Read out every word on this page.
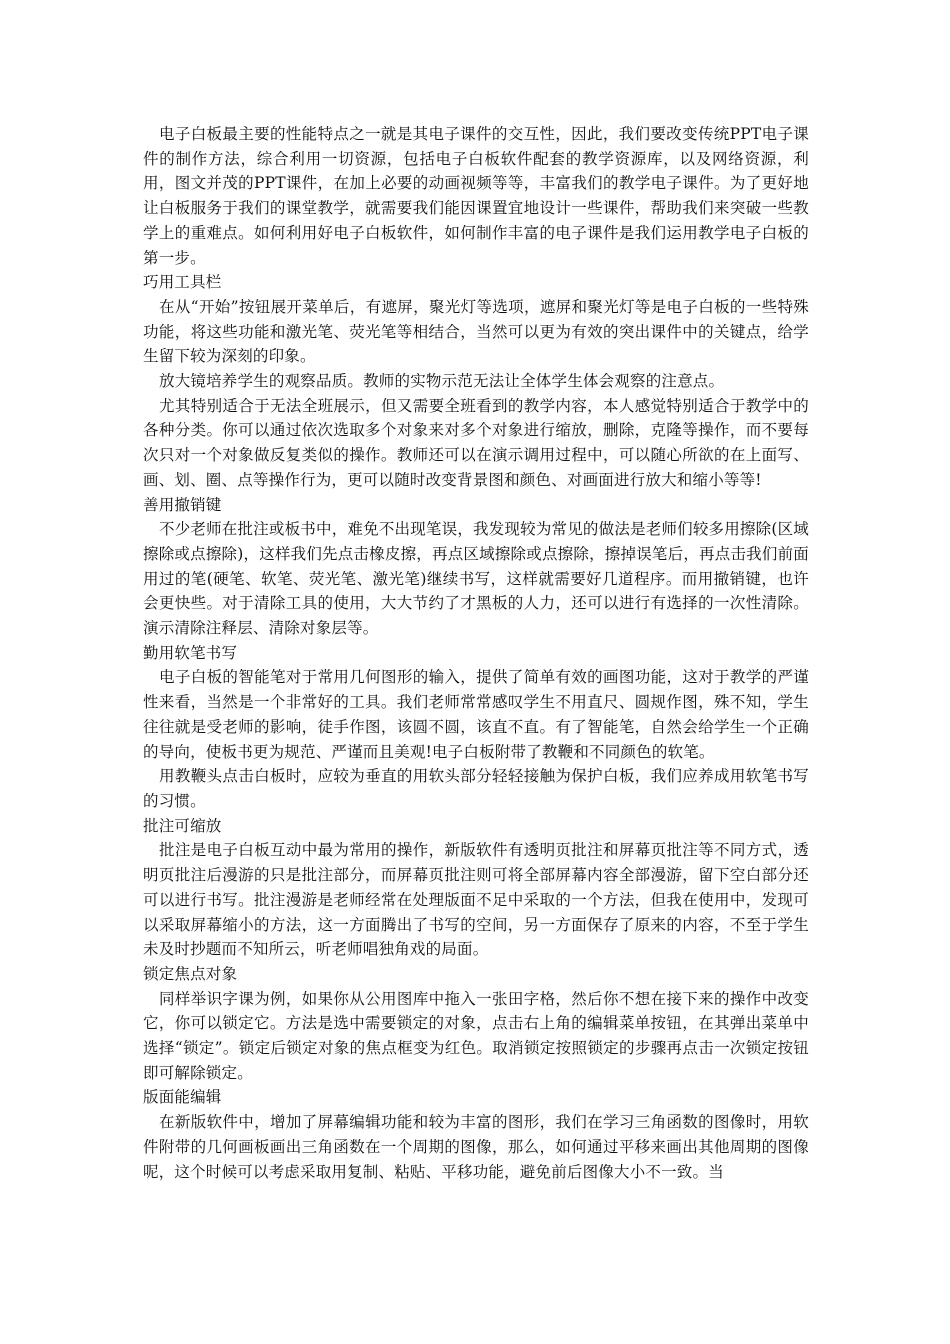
电子白板最主要的性能特点之一就是其电子课件的交互性，因此，我们要改变传统PPT电子课件的制作方法，综合利用一切资源，包括电子白板软件配套的教学资源库，以及网络资源，利用，图文并茂的PPT课件，在加上必要的动画视频等等，丰富我们的教学电子课件。为了更好地让白板服务于我们的课堂教学，就需要我们能因课置宜地设计一些课件，帮助我们来突破一些教学上的重难点。如何利用好电子白板软件，如何制作丰富的电子课件是我们运用教学电子白板的第一步。

巧用工具栏

在从“开始”按钮展开菜单后，有遮屏，聚光灯等选项，遮屏和聚光灯等是电子白板的一些特殊功能，将这些功能和激光笔、荧光笔等相结合，当然可以更为有效的突出课件中的关键点，给学生留下较为深刻的印象。

放大镜培养学生的观察品质。教师的实物示范无法让全体学生体会观察的注意点。

尤其特别适合于无法全班展示，但又需要全班看到的教学内容，本人感觉特别适合于教学中的各种分类。你可以通过依次选取多个对象来对多个对象进行缩放，删除，克隆等操作，而不要每次只对一个对象做反复类似的操作。教师还可以在演示调用过程中，可以随心所欲的在上面写、画、划、圈、点等操作行为，更可以随时改变背景图和颜色、对画面进行放大和缩小等等!

善用撤销键

不少老师在批注或板书中，难免不出现笔误，我发现较为常见的做法是老师们较多用擦除(区域擦除或点擦除)，这样我们先点击橡皮擦，再点区域擦除或点擦除，擦掉误笔后，再点击我们前面用过的笔(硬笔、软笔、荧光笔、激光笔)继续书写，这样就需要好几道程序。而用撤销键，也许会更快些。对于清除工具的使用，大大节约了才黑板的人力，还可以进行有选择的一次性清除。演示清除注释层、清除对象层等。

勤用软笔书写

电子白板的智能笔对于常用几何图形的输入，提供了简单有效的画图功能，这对于教学的严谨性来看，当然是一个非常好的工具。我们老师常常感叹学生不用直尺、圆规作图，殊不知，学生往往就是受老师的影响，徒手作图，该圆不圆，该直不直。有了智能笔，自然会给学生一个正确的导向，使板书更为规范、严谨而且美观!电子白板附带了教鞭和不同颜色的软笔。

用教鞭头点击白板时，应较为垂直的用软头部分轻轻接触为保护白板，我们应养成用软笔书写的习惯。

批注可缩放

批注是电子白板互动中最为常用的操作，新版软件有透明页批注和屏幕页批注等不同方式，透明页批注后漫游的只是批注部分，而屏幕页批注则可将全部屏幕内容全部漫游，留下空白部分还可以进行书写。批注漫游是老师经常在处理版面不足中采取的一个方法，但我在使用中，发现可以采取屏幕缩小的方法，这一方面腾出了书写的空间，另一方面保存了原来的内容，不至于学生未及时抄题而不知所云，听老师唱独角戏的局面。

锁定焦点对象

同样举识字课为例，如果你从公用图库中拖入一张田字格，然后你不想在接下来的操作中改变它，你可以锁定它。方法是选中需要锁定的对象，点击右上角的编辑菜单按钮，在其弹出菜单中选择“锁定”。锁定后锁定对象的焦点框变为红色。取消锁定按照锁定的步骤再点击一次锁定按钮即可解除锁定。

版面能编辑

在新版软件中，增加了屏幕编辑功能和较为丰富的图形，我们在学习三角函数的图像时，用软件附带的几何画板画出三角函数在一个周期的图像，那么，如何通过平移来画出其他周期的图像呢，这个时候可以考虑采取用复制、粘贴、平移功能，避免前后图像大小不一致。当
